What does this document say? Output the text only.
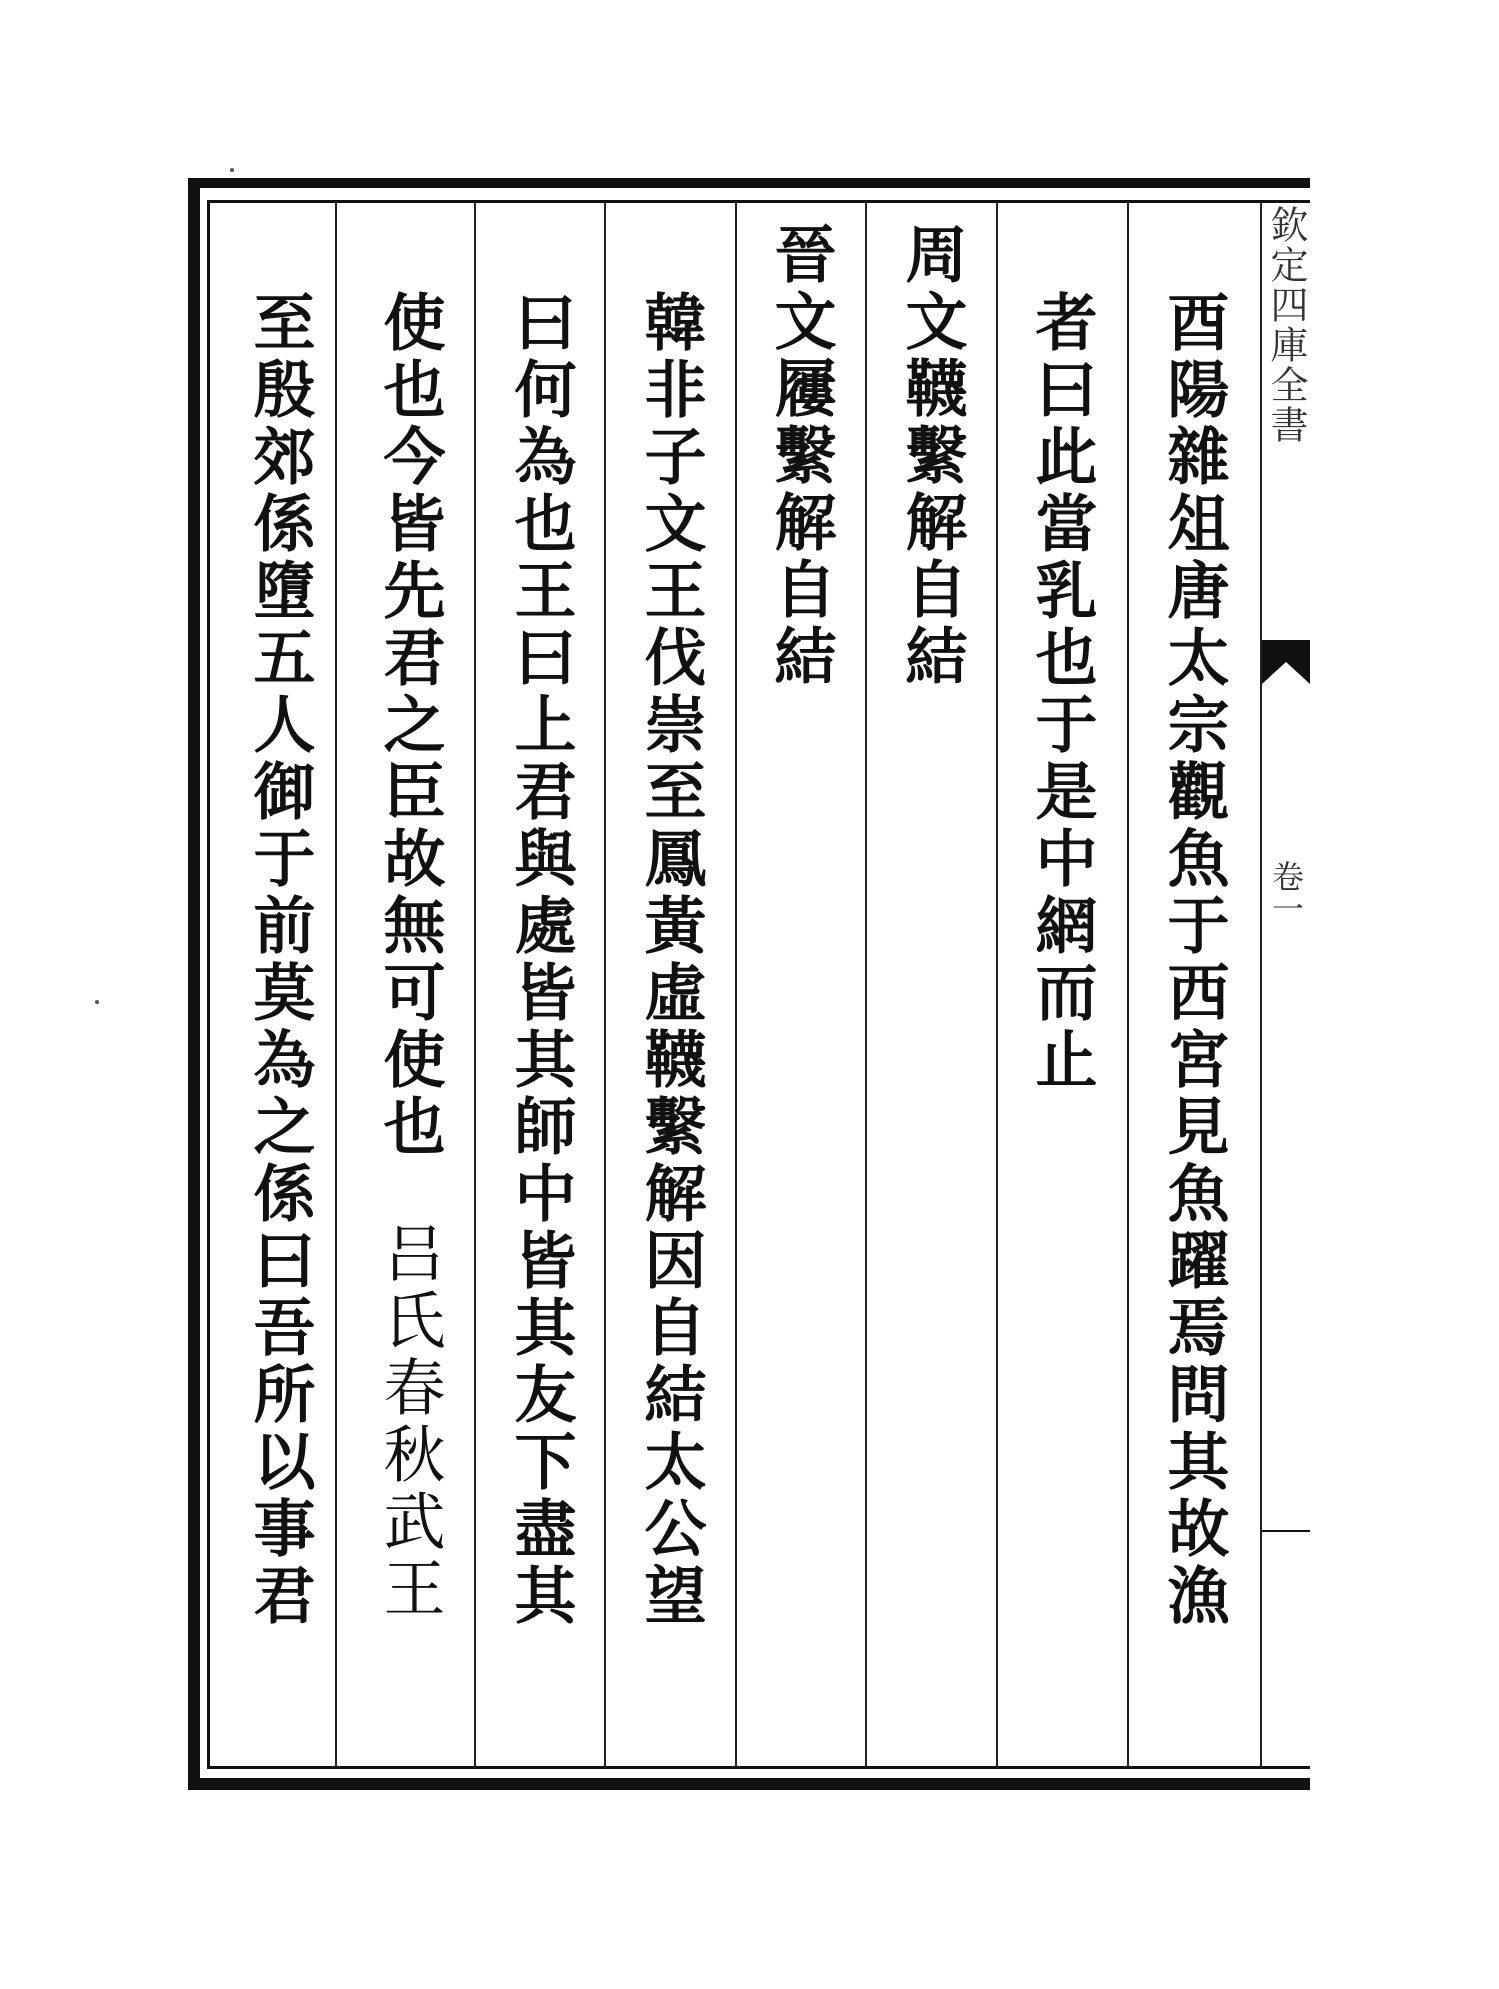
欽定四庫全書
卷一
酉陽雜俎唐太宗觀魚于西宮見魚躍焉問其故漁
者曰此當乳也于是中網而止
周文韈繫解自結
晉文屨繫解自結
韓非子文王伐崇至鳳黃虛韈繫解因自結太公望
曰何為也王曰上君與處皆其師中皆其友下盡其
使也今皆先君之臣故無可使也
吕氏春秋武王
至殷郊係墮五人御于前莫為之係曰吾所以事君
